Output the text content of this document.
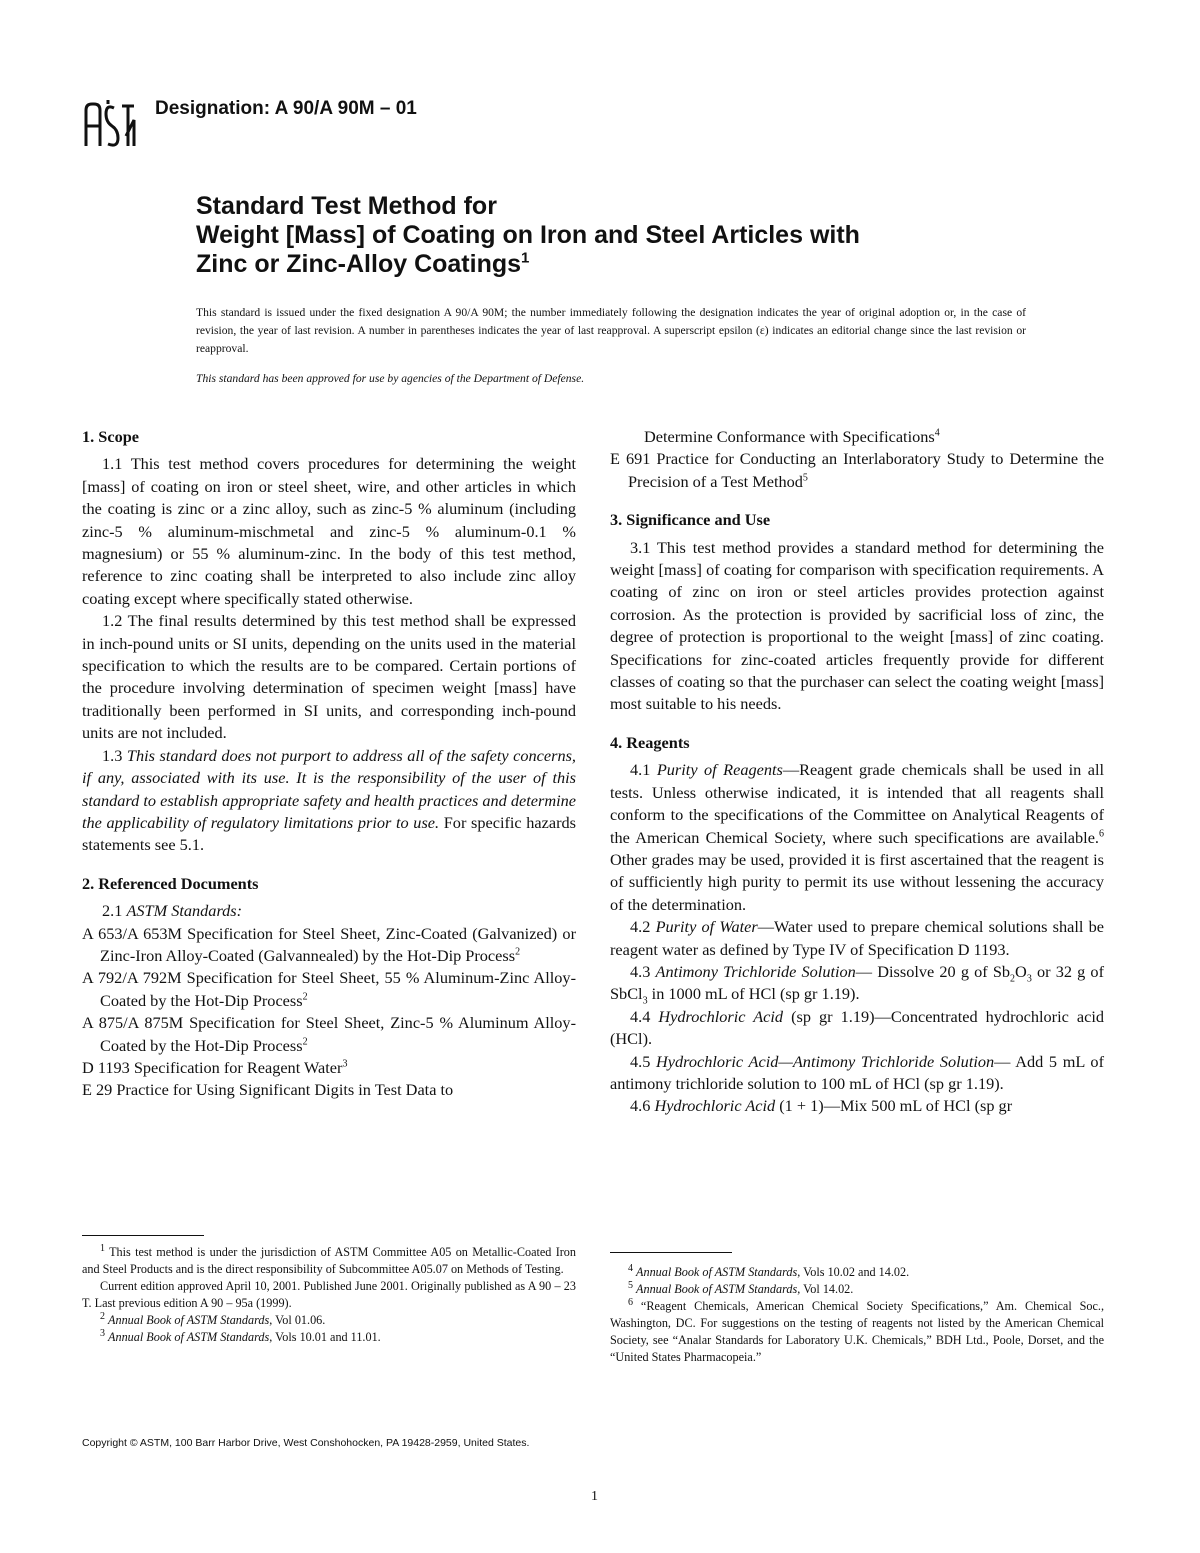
Designation: A 90/A 90M – 01
Standard Test Method for
Weight [Mass] of Coating on Iron and Steel Articles with
Zinc or Zinc-Alloy Coatings$^1$
This standard is issued under the fixed designation A 90/A 90M; the number immediately following the designation indicates the year of original adoption or, in the case of revision, the year of last revision. A number in parentheses indicates the year of last reapproval. A superscript epsilon (ε) indicates an editorial change since the last revision or reapproval.
This standard has been approved for use by agencies of the Department of Defense.
1. Scope

1.1 This test method covers procedures for determining the weight [mass] of coating on iron or steel sheet, wire, and other articles in which the coating is zinc or a zinc alloy, such as zinc-5 % aluminum (including zinc-5 % aluminum-mischmetal and zinc-5 % aluminum-0.1 % magnesium) or 55 % aluminum-zinc. In the body of this test method, reference to zinc coating shall be interpreted to also include zinc alloy coating except where specifically stated otherwise.

1.2 The final results determined by this test method shall be expressed in inch-pound units or SI units, depending on the units used in the material specification to which the results are to be compared. Certain portions of the procedure involving determination of specimen weight [mass] have traditionally been performed in SI units, and corresponding inch-pound units are not included.

1.3 This standard does not purport to address all of the safety concerns, if any, associated with its use. It is the responsibility of the user of this standard to establish appropriate safety and health practices and determine the applicability of regulatory limitations prior to use. For specific hazards statements see 5.1.

2. Referenced Documents

2.1 ASTM Standards:

A 653/A 653M Specification for Steel Sheet, Zinc-Coated (Galvanized) or Zinc-Iron Alloy-Coated (Galvannealed) by the Hot-Dip Process$^2$

A 792/A 792M Specification for Steel Sheet, 55 % Aluminum-Zinc Alloy-Coated by the Hot-Dip Process$^2$

A 875/A 875M Specification for Steel Sheet, Zinc-5 % Aluminum Alloy-Coated by the Hot-Dip Process$^2$

D 1193 Specification for Reagent Water$^3$

E 29 Practice for Using Significant Digits in Test Data to

Determine Conformance with Specifications$^4$

E 691 Practice for Conducting an Interlaboratory Study to Determine the Precision of a Test Method$^5$

3. Significance and Use

3.1 This test method provides a standard method for determining the weight [mass] of coating for comparison with specification requirements. A coating of zinc on iron or steel articles provides protection against corrosion. As the protection is provided by sacrificial loss of zinc, the degree of protection is proportional to the weight [mass] of zinc coating. Specifications for zinc-coated articles frequently provide for different classes of coating so that the purchaser can select the coating weight [mass] most suitable to his needs.

4. Reagents

4.1 Purity of Reagents—Reagent grade chemicals shall be used in all tests. Unless otherwise indicated, it is intended that all reagents shall conform to the specifications of the Committee on Analytical Reagents of the American Chemical Society, where such specifications are available.$^6$ Other grades may be used, provided it is first ascertained that the reagent is of sufficiently high purity to permit its use without lessening the accuracy of the determination.

4.2 Purity of Water—Water used to prepare chemical solutions shall be reagent water as defined by Type IV of Specification D 1193.

4.3 Antimony Trichloride Solution— Dissolve 20 g of $Sb_2O_3$ or 32 g of SbCl$_3$ in 1000 mL of HCl (sp gr 1.19).

4.4 Hydrochloric Acid (sp gr 1.19)—Concentrated hydrochloric acid (HCl).

4.5 Hydrochloric Acid—Antimony Trichloride Solution— Add 5 mL of antimony trichloride solution to 100 mL of HCl (sp gr 1.19).

4.6 Hydrochloric Acid (1 + 1)—Mix 500 mL of HCl (sp gr

$^1$ This test method is under the jurisdiction of ASTM Committee A05 on Metallic-Coated Iron and Steel Products and is the direct responsibility of Subcommittee A05.07 on Methods of Testing.

Current edition approved April 10, 2001. Published June 2001. Originally published as A 90 – 23 T. Last previous edition A 90 – 95a (1999).

$^2$ Annual Book of ASTM Standards, Vol 01.06.

$^3$ Annual Book of ASTM Standards, Vols 10.01 and 11.01.

$^4$ Annual Book of ASTM Standards, Vols 10.02 and 14.02.

$^5$ Annual Book of ASTM Standards, Vol 14.02.

$^6$ “Reagent Chemicals, American Chemical Society Specifications,” Am. Chemical Soc., Washington, DC. For suggestions on the testing of reagents not listed by the American Chemical Society, see “Analar Standards for Laboratory U.K. Chemicals,” BDH Ltd., Poole, Dorset, and the “United States Pharmacopeia.”

Copyright © ASTM, 100 Barr Harbor Drive, West Conshohocken, PA 19428-2959, United States.
1
